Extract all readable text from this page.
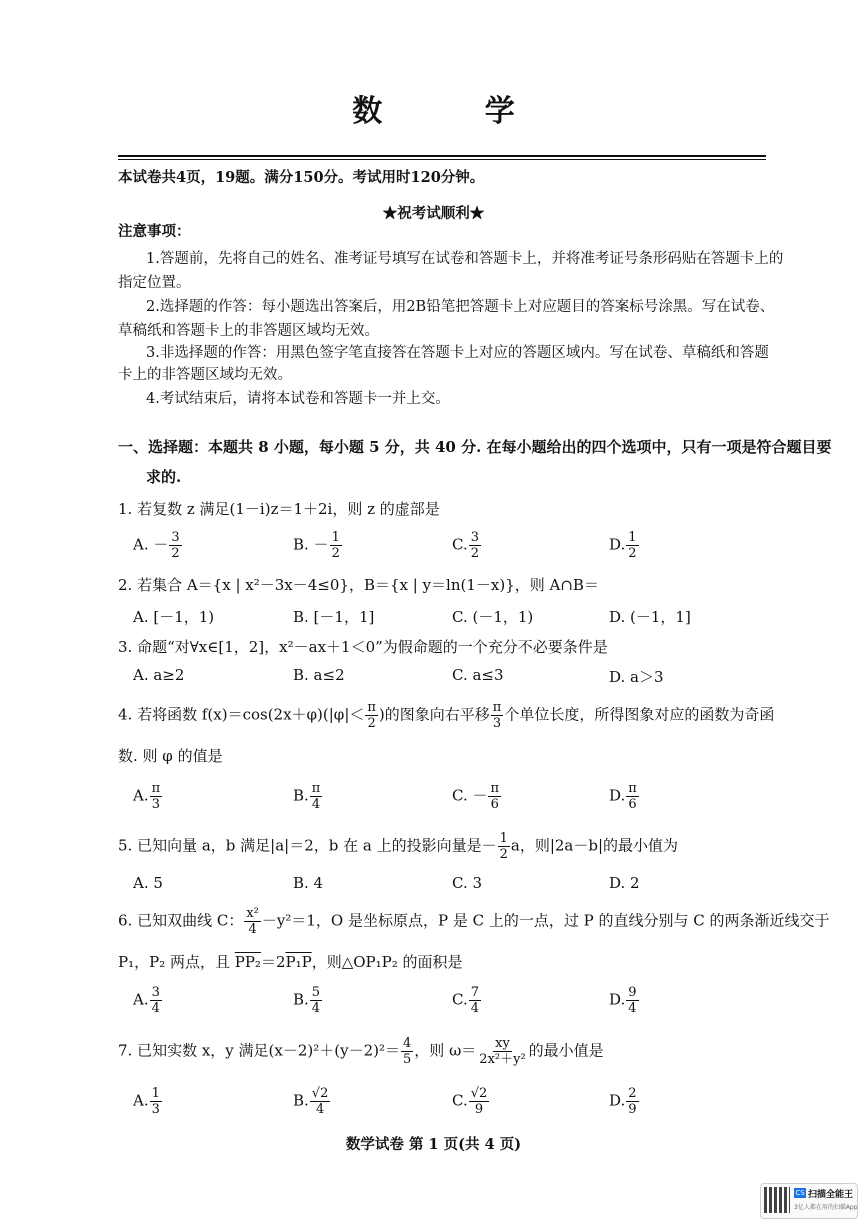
数 学
本试卷共4页，19题。满分150分。考试用时120分钟。
★祝考试顺利★
注意事项：
1.答题前，先将自己的姓名、准考证号填写在试卷和答题卡上，并将准考证号条形码贴在答题卡上的
指定位置。
2.选择题的作答：每小题选出答案后，用2B铅笔把答题卡上对应题目的答案标号涂黑。写在试卷、
草稿纸和答题卡上的非答题区域均无效。
3.非选择题的作答：用黑色签字笔直接答在答题卡上对应的答题区域内。写在试卷、草稿纸和答题
卡上的非答题区域均无效。
4.考试结束后，请将本试卷和答题卡一并上交。
一、选择题：本题共 8 小题，每小题 5 分，共 40 分. 在每小题给出的四个选项中，只有一项是符合题目要
求的.
1. 若复数 z 满足(1－i)z＝1＋2i，则 z 的虚部是
A. － $\frac{3}{2}$	B. － $\frac{1}{2}$	C. $\frac{3}{2}$	D. $\frac{1}{2}$
2. 若集合 A＝{x | x²－3x－4≤0}，B＝{x | y＝ln(1－x)}，则 A∩B＝
A. [－1，1)	B. [－1，1]	C. (－1，1)	D. (－1，1]
3. 命题“对∀x∈[1，2]，x²－ax＋1＜0”为假命题的一个充分不必要条件是
A. a≥2	B. a≤2	C. a≤3	D. a＞3
4. 若将函数 $f(x)=\cos(2x+\varphi)(|\varphi|< \frac{\pi}{2}$ )的图象向右平移 $\frac{\pi}{3}$ 个单位长度，所得图象对应的函数为奇函
数. 则 φ 的值是
A. $\frac{\pi}{3}$	B. $\frac{\pi}{4}$	C. － $\frac{\pi}{6}$	D. $\frac{\pi}{6}$
5. 已知向量 a，b 满足|a|＝2，b 在 a 上的投影向量是－ $\frac{1}{2}$ a，则|2a－b|的最小值为
A. 5	B. 4	C. 3	D. 2
6. 已知双曲线 C： $\frac{\text{x²}}{4} -y^2=1$，O 是坐标原点，P 是 C 上的一点，过 P 的直线分别与 C 的两条渐近线交于
P₁，P₂ 两点，且 PP₂＝2P₁P，则△OP₁P₂ 的面积是
A. $\frac{3}{4}$	B. $\frac{5}{4}$	C. $\frac{7}{4}$	D. $\frac{9}{4}$
7. 已知实数 x，y 满足$(x-2)^2+(y-2)^2= \frac{4}{5}$ ，则 $\omega= \frac{xy}{\text{2x²＋y²}}$ 的最小值是
A. $\frac{1}{3}$	B. $\frac{√2}{4}$	C. $\frac{√2}{9}$	D. $\frac{2}{9}$
数学试卷 第 1 页(共 4 页)
CS 扫描全能王
3亿人都在用的扫描App
